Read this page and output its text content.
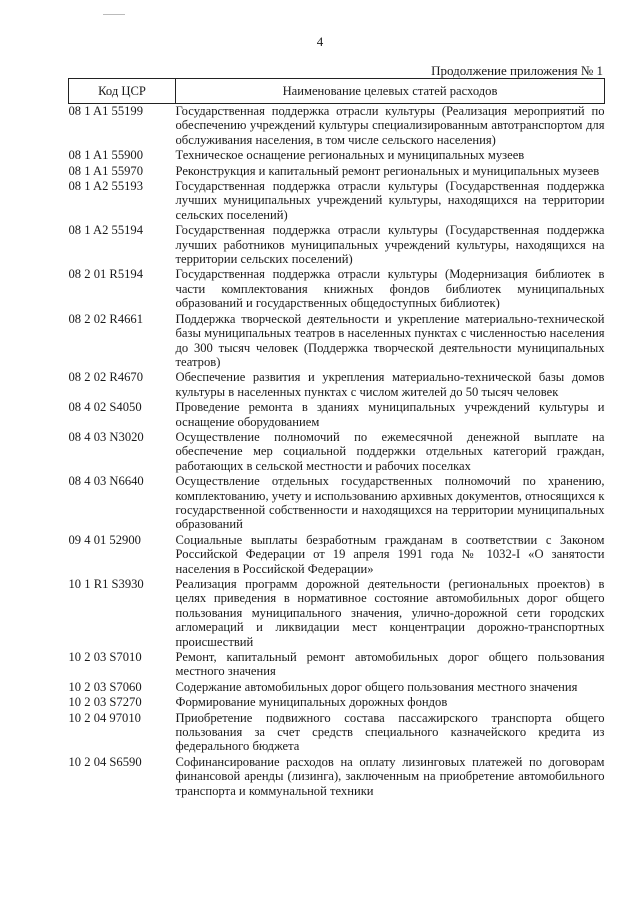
4
Продолжение приложения № 1
Код ЦСР	Наименование целевых статей расходов
08 1 A1 55199	Государственная поддержка отрасли культуры (Реализация мероприятий по обеспечению учреждений культуры специализированным автотранспортом для обслуживания населения, в том числе сельского населения)
08 1 A1 55900	Техническое оснащение региональных и муниципальных музеев
08 1 A1 55970	Реконструкция и капитальный ремонт региональных и муниципальных музеев
08 1 A2 55193	Государственная поддержка отрасли культуры (Государственная поддержка лучших муниципальных учреждений культуры, находящихся на территории сельских поселений)
08 1 A2 55194	Государственная поддержка отрасли культуры (Государственная поддержка лучших работников муниципальных учреждений культуры, находящихся на территории сельских поселений)
08 2 01 R5194	Государственная поддержка отрасли культуры (Модернизация библиотек в части комплектования книжных фондов библиотек муниципальных образований и государственных общедоступных библиотек)
08 2 02 R4661	Поддержка творческой деятельности и укрепление материально-технической базы муниципальных театров в населенных пунктах с численностью населения до 300 тысяч человек (Поддержка творческой деятельности муниципальных театров)
08 2 02 R4670	Обеспечение развития и укрепления материально-технической базы домов культуры в населенных пунктах с числом жителей до 50 тысяч человек
08 4 02 S4050	Проведение ремонта в зданиях муниципальных учреждений культуры и оснащение оборудованием
08 4 03 N3020	Осуществление полномочий по ежемесячной денежной выплате на обеспечение мер социальной поддержки отдельных категорий граждан, работающих в сельской местности и рабочих поселках
08 4 03 N6640	Осуществление отдельных государственных полномочий по хранению, комплектованию, учету и использованию архивных документов, относящихся к государственной собственности и находящихся на территории муниципальных образований
09 4 01 52900	Социальные выплаты безработным гражданам в соответствии с Законом Российской Федерации от 19 апреля 1991 года № 1032-I «О занятости населения в Российской Федерации»
10 1 R1 S3930	Реализация программ дорожной деятельности (региональных проектов) в целях приведения в нормативное состояние автомобильных дорог общего пользования муниципального значения, улично-дорожной сети городских агломераций и ликвидации мест концентрации дорожно-транспортных происшествий
10 2 03 S7010	Ремонт, капитальный ремонт автомобильных дорог общего пользования местного значения
10 2 03 S7060	Содержание автомобильных дорог общего пользования местного значения
10 2 03 S7270	Формирование муниципальных дорожных фондов
10 2 04 97010	Приобретение подвижного состава пассажирского транспорта общего пользования за счет средств специального казначейского кредита из федерального бюджета
10 2 04 S6590	Софинансирование расходов на оплату лизинговых платежей по договорам финансовой аренды (лизинга), заключенным на приобретение автомобильного транспорта и коммунальной техники
